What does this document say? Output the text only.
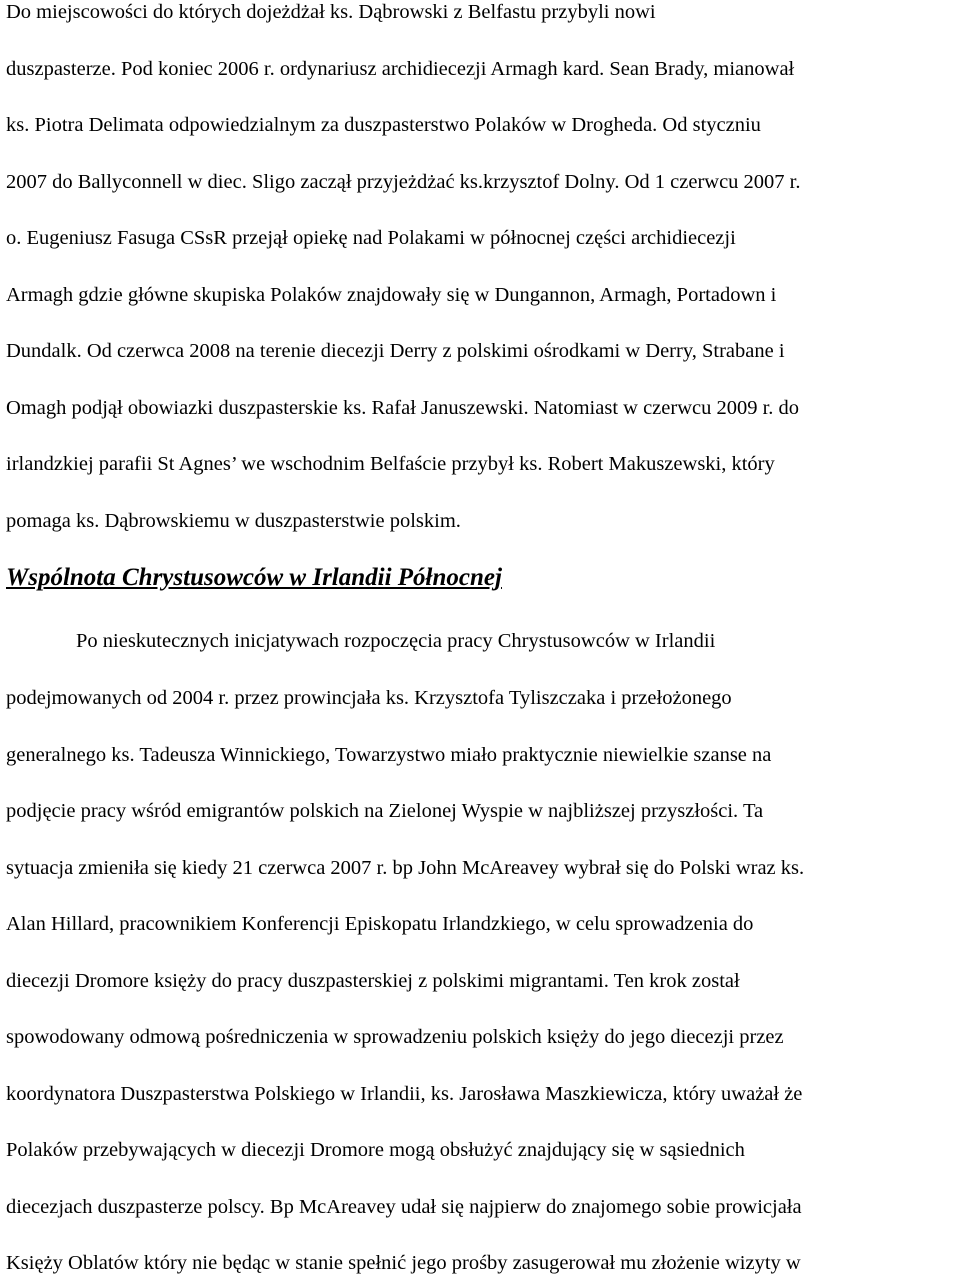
Do miejscowości do których dojeżdżał ks. Dąbrowski z Belfastu przybyli nowi
duszpasterze. Pod koniec 2006 r. ordynariusz archidiecezji Armagh kard. Sean Brady, mianował
ks. Piotra Delimata odpowiedzialnym za duszpasterstwo Polaków w Drogheda. Od styczniu
2007 do Ballyconnell w diec. Sligo zaczął przyjeżdżać ks.krzysztof Dolny. Od 1 czerwcu 2007 r.
o. Eugeniusz Fasuga CSsR przejął opiekę nad Polakami w północnej części archidiecezji
Armagh gdzie główne skupiska Polaków znajdowały się w Dungannon, Armagh, Portadown i
Dundalk. Od czerwca 2008 na terenie diecezji Derry z polskimi ośrodkami w Derry, Strabane i
Omagh podjął obowiazki duszpasterskie ks. Rafał Januszewski. Natomiast w czerwcu 2009 r. do
irlandzkiej parafii St Agnes’ we wschodnim Belfaście przybył ks. Robert Makuszewski, który
pomaga ks. Dąbrowskiemu w duszpasterstwie polskim.
Wspólnota Chrystusowców w Irlandii Północnej
Po nieskutecznych inicjatywach rozpoczęcia pracy Chrystusowców w Irlandii
podejmowanych od 2004 r. przez prowincjała ks. Krzysztofa Tyliszczaka i przełożonego
generalnego ks. Tadeusza Winnickiego, Towarzystwo miało praktycznie niewielkie szanse na
podjęcie pracy wśród emigrantów polskich na Zielonej Wyspie w najbliższej przyszłości. Ta
sytuacja zmieniła się kiedy 21 czerwca 2007 r. bp John McAreavey wybrał się do Polski wraz ks.
Alan Hillard, pracownikiem Konferencji Episkopatu Irlandzkiego, w celu sprowadzenia do
diecezji Dromore księży do pracy duszpasterskiej z polskimi migrantami. Ten krok został
spowodowany odmową pośredniczenia w sprowadzeniu polskich księży do jego diecezji przez
koordynatora Duszpasterstwa Polskiego w Irlandii, ks. Jarosława Maszkiewicza, który uważał że
Polaków przebywających w diecezji Dromore mogą obsłużyć znajdujący się w sąsiednich
diecezjach duszpasterze polscy. Bp McAreavey udał się najpierw do znajomego sobie prowicjała
Księży Oblatów który nie będąc w stanie spełnić jego prośby zasugerował mu złożenie wizyty w
